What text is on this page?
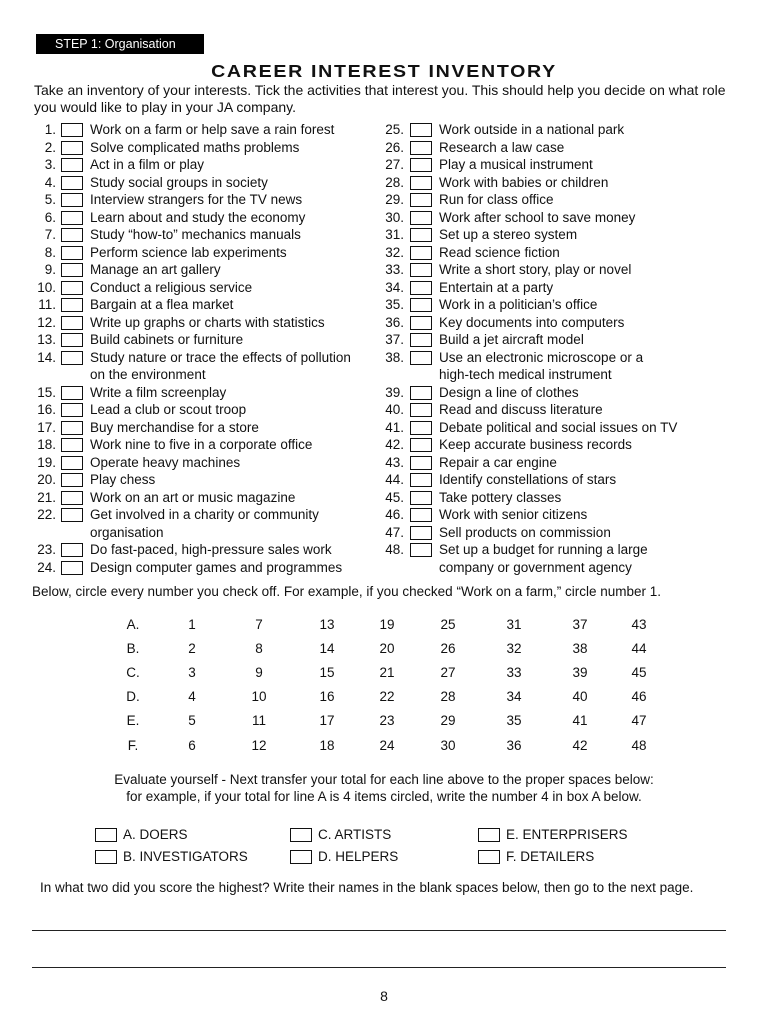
STEP 1: Organisation
CAREER INTEREST INVENTORY
Take an inventory of your interests. Tick the activities that interest you. This should help you decide on what role you would like to play in your JA company.
1.	Work on a farm or help save a rain forest
2.	Solve complicated maths problems
3.	Act in a film or play
4.	Study social groups in society
5.	Interview strangers for the TV news
6.	Learn about and study the economy
7.	Study “how-to” mechanics manuals
8.	Perform science lab experiments
9.	Manage an art gallery
10.	Conduct a religious service
11.	Bargain at a flea market
12.	Write up graphs or charts with statistics
13.	Build cabinets or furniture
14.	Study nature or trace the effects of pollution
on the environment
15.	Write a film screenplay
16.	Lead a club or scout troop
17.	Buy merchandise for a store
18.	Work nine to five in a corporate office
19.	Operate heavy machines
20.	Play chess
21.	Work on an art or music magazine
22.	Get involved in a charity or community
organisation
23.	Do fast-paced, high-pressure sales work
24.	Design computer games and programmes
25.	Work outside in a national park
26.	Research a law case
27.	Play a musical instrument
28.	Work with babies or children
29.	Run for class office
30.	Work after school to save money
31.	Set up a stereo system
32.	Read science fiction
33.	Write a short story, play or novel
34.	Entertain at a party
35.	Work in a politician’s office
36.	Key documents into computers
37.	Build a jet aircraft model
38.	Use an electronic microscope or a
high-tech medical instrument
39.	Design a line of clothes
40.	Read and discuss literature
41.	Debate political and social issues on TV
42.	Keep accurate business records
43.	Repair a car engine
44.	Identify constellations of stars
45.	Take pottery classes
46.	Work with senior citizens
47.	Sell products on commission
48.	Set up a budget for running a large
company or government agency
Below, circle every number you check off. For example, if you checked “Work on a farm,” circle number 1.
A.	1	7	13	19	25	31	37	43
B.	2	8	14	20	26	32	38	44
C.	3	9	15	21	27	33	39	45
D.	4	10	16	22	28	34	40	46
E.	5	11	17	23	29	35	41	47
F.	6	12	18	24	30	36	42	48
Evaluate yourself - Next transfer your total for each line above to the proper spaces below:
for example, if your total for line A is 4 items circled, write the number 4 in box A below.
A. DOERS	C. ARTISTS	E. ENTERPRISERS
B. INVESTIGATORS	D. HELPERS	F. DETAILERS
In what two did you score the highest? Write their names in the blank spaces below, then go to the next page.
8
